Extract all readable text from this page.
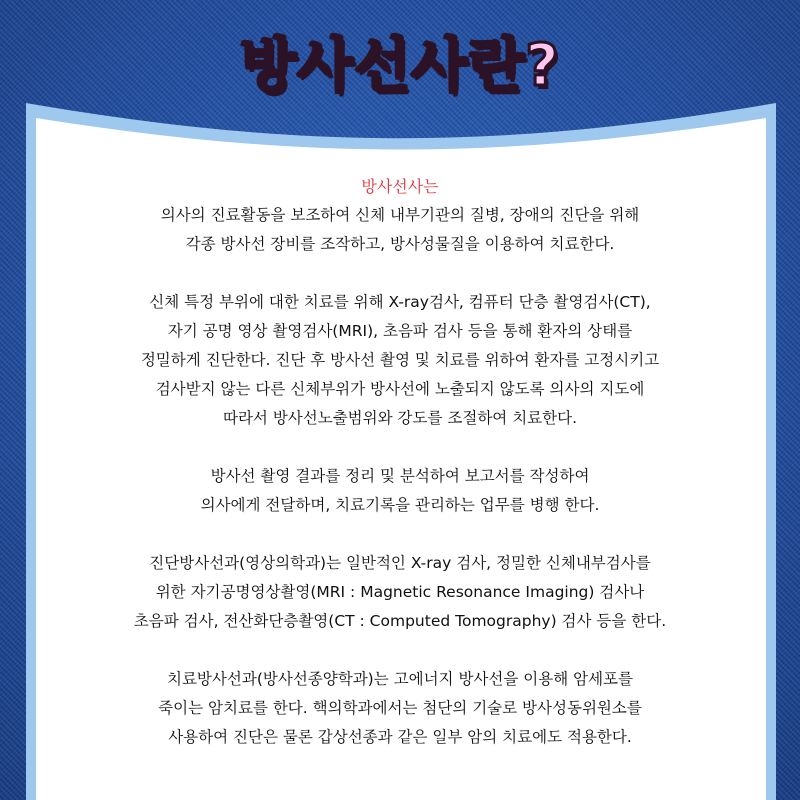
방사선사란?

방사선사는

의사의 진료활동을 보조하여 신체 내부기관의 질병, 장애의 진단을 위해

각종 방사선 장비를 조작하고, 방사성물질을 이용하여 치료한다.

신체 특정 부위에 대한 치료를 위해 X-ray검사, 컴퓨터 단층 촬영검사(CT),

자기 공명 영상 촬영검사(MRI), 초음파 검사 등을 통해 환자의 상태를

정밀하게 진단한다. 진단 후 방사선 촬영 및 치료를 위하여 환자를 고정시키고

검사받지 않는 다른 신체부위가 방사선에 노출되지 않도록 의사의 지도에

따라서 방사선노출범위와 강도를 조절하여 치료한다.

방사선 촬영 결과를 정리 및 분석하여 보고서를 작성하여

의사에게 전달하며, 치료기록을 관리하는 업무를 병행 한다.

진단방사선과(영상의학과)는 일반적인 X-ray 검사, 정밀한 신체내부검사를

위한 자기공명영상촬영(MRI : Magnetic Resonance Imaging) 검사나

초음파 검사, 전산화단층촬영(CT : Computed Tomography) 검사 등을 한다.

치료방사선과(방사선종양학과)는 고에너지 방사선을 이용해 암세포를

죽이는 암치료를 한다. 핵의학과에서는 첨단의 기술로 방사성동위원소를

사용하여 진단은 물론 갑상선종과 같은 일부 암의 치료에도 적용한다.
